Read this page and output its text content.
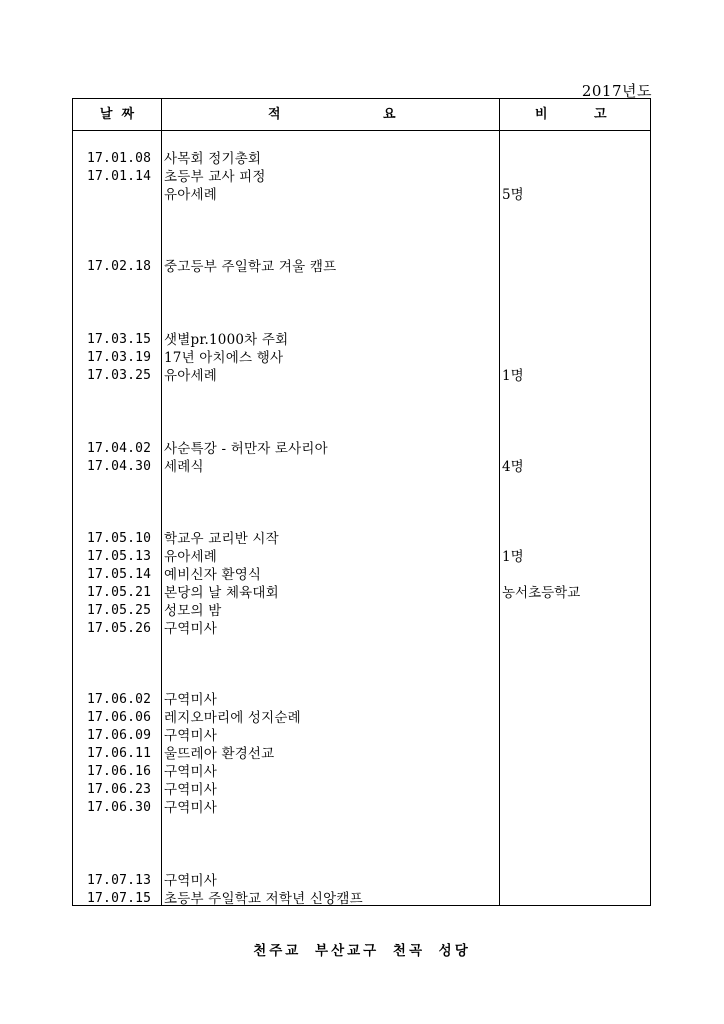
2017년도
날  짜	적	요	비	고
17.01.08 사목회 정기총회
17.01.14 초등부 교사 피정
유아세례	5명
17.02.18 중고등부 주일학교 겨울 캠프
17.03.15 샛별pr.1000차 주회
17.03.19 17년 아치에스 행사
17.03.25 유아세례	1명
17.04.02 사순특강 - 허만자 로사리아
17.04.30 세례식	4명
17.05.10 학교우 교리반 시작
17.05.13 유아세례	1명
17.05.14 예비신자 환영식
17.05.21 본당의 날 체육대회	농서초등학교
17.05.25 성모의 밤
17.05.26 구역미사
17.06.02 구역미사
17.06.06 레지오마리에 성지순례
17.06.09 구역미사
17.06.11 울뜨레아 환경선교
17.06.16 구역미사
17.06.23 구역미사
17.06.30 구역미사
17.07.13 구역미사
17.07.15 초등부 주일학교 저학년 신앙캠프
천주교 부산교구 천곡 성당
